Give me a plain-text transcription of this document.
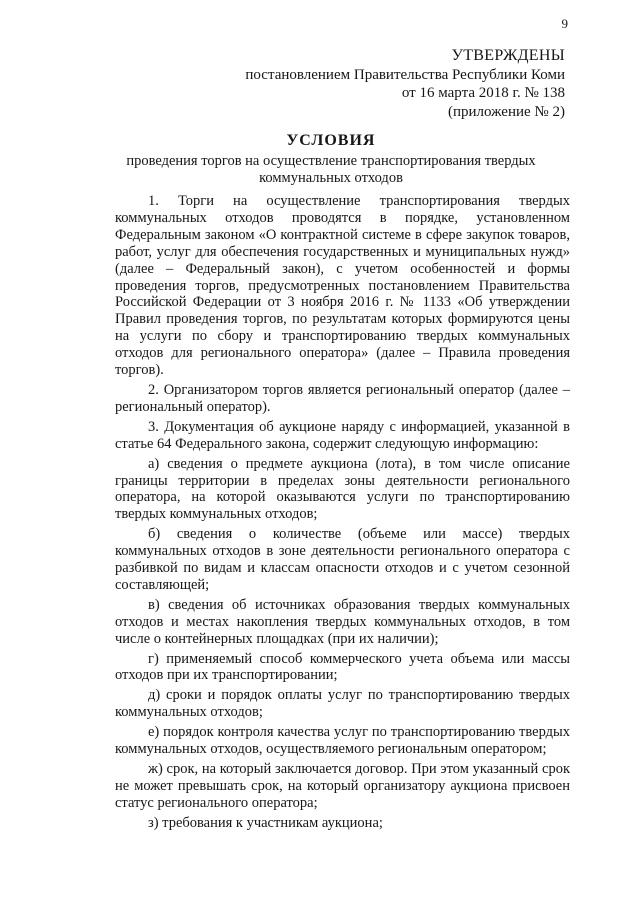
9
УТВЕРЖДЕНЫ
постановлением Правительства Республики Коми
от 16 марта 2018 г. № 138
(приложение № 2)
УСЛОВИЯ
проведения торгов на осуществление транспортирования твердых
коммунальных отходов

1. Торги на осуществление транспортирования твердых коммунальных отходов проводятся в порядке, установленном Федеральным законом «О контрактной системе в сфере закупок товаров, работ, услуг для обеспечения государственных и муниципальных нужд» (далее – Федеральный закон), с учетом особенностей и формы проведения торгов, предусмотренных постановлением Правительства Российской Федерации от 3 ноября 2016 г. № 1133 «Об утверждении Правил проведения торгов, по результатам которых формируются цены на услуги по сбору и транспортированию твердых коммунальных отходов для регионального оператора» (далее – Правила проведения торгов).

2. Организатором торгов является региональный оператор (далее – региональный оператор).

3. Документация об аукционе наряду с информацией, указанной в статье 64 Федерального закона, содержит следующую информацию:

а) сведения о предмете аукциона (лота), в том числе описание границы территории в пределах зоны деятельности регионального оператора, на которой оказываются услуги по транспортированию твердых коммунальных отходов;

б) сведения о количестве (объеме или массе) твердых коммунальных отходов в зоне деятельности регионального оператора с разбивкой по видам и классам опасности отходов и с учетом сезонной составляющей;

в) сведения об источниках образования твердых коммунальных отходов и местах накопления твердых коммунальных отходов, в том числе о контейнерных площадках (при их наличии);

г) применяемый способ коммерческого учета объема или массы отходов при их транспортировании;

д) сроки и порядок оплаты услуг по транспортированию твердых коммунальных отходов;

е) порядок контроля качества услуг по транспортированию твердых коммунальных отходов, осуществляемого региональным оператором;

ж) срок, на который заключается договор. При этом указанный срок не может превышать срок, на который организатору аукциона присвоен статус регионального оператора;

з) требования к участникам аукциона;
